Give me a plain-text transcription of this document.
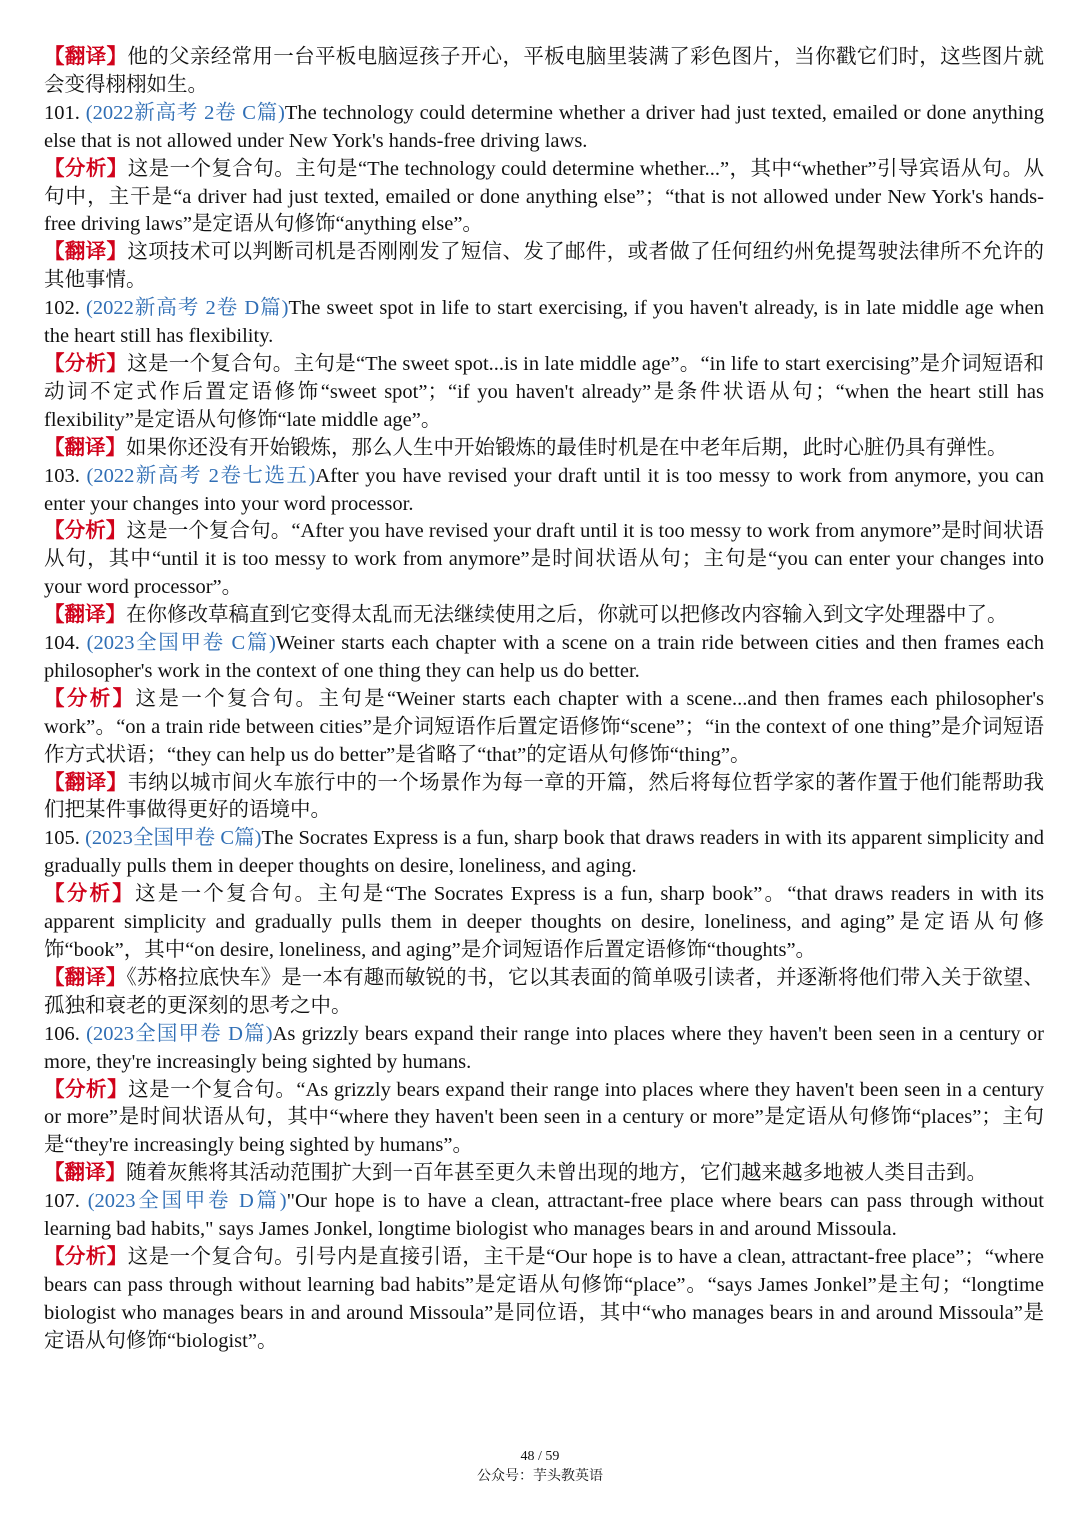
【翻译】他的父亲经常用一台平板电脑逗孩子开心，平板电脑里装满了彩色图片，当你戳它们时，这些图片就会变得栩栩如生。

101. (2022新高考 2卷 C篇)The technology could determine whether a driver had just texted, emailed or done anything else that is not allowed under New York's hands-free driving laws.

【分析】这是一个复合句。主句是“The technology could determine whether...”，其中“whether”引导宾语从句。从句中，主干是“a driver had just texted, emailed or done anything else”；“that is not allowed under New York's hands-free driving laws”是定语从句修饰“anything else”。

【翻译】这项技术可以判断司机是否刚刚发了短信、发了邮件，或者做了任何纽约州免提驾驶法律所不允许的其他事情。

102. (2022新高考 2卷 D篇)The sweet spot in life to start exercising, if you haven't already, is in late middle age when the heart still has flexibility.

【分析】这是一个复合句。主句是“The sweet spot...is in late middle age”。“in life to start exercising”是介词短语和动词不定式作后置定语修饰“sweet spot”；“if you haven't already”是条件状语从句；“when the heart still has flexibility”是定语从句修饰“late middle age”。

【翻译】如果你还没有开始锻炼，那么人生中开始锻炼的最佳时机是在中老年后期，此时心脏仍具有弹性。

103. (2022新高考 2卷七选五)After you have revised your draft until it is too messy to work from anymore, you can enter your changes into your word processor.

【分析】这是一个复合句。“After you have revised your draft until it is too messy to work from anymore”是时间状语从句，其中“until it is too messy to work from anymore”是时间状语从句；主句是“you can enter your changes into your word processor”。

【翻译】在你修改草稿直到它变得太乱而无法继续使用之后，你就可以把修改内容输入到文字处理器中了。

104. (2023全国甲卷 C篇)Weiner starts each chapter with a scene on a train ride between cities and then frames each philosopher's work in the context of one thing they can help us do better.

【分析】这是一个复合句。主句是“Weiner starts each chapter with a scene...and then frames each philosopher's work”。“on a train ride between cities”是介词短语作后置定语修饰“scene”；“in the context of one thing”是介词短语作方式状语；“they can help us do better”是省略了“that”的定语从句修饰“thing”。

【翻译】韦纳以城市间火车旅行中的一个场景作为每一章的开篇，然后将每位哲学家的著作置于他们能帮助我们把某件事做得更好的语境中。

105. (2023全国甲卷 C篇)The Socrates Express is a fun, sharp book that draws readers in with its apparent simplicity and gradually pulls them in deeper thoughts on desire, loneliness, and aging.

【分析】这是一个复合句。主句是“The Socrates Express is a fun, sharp book”。“that draws readers in with its apparent simplicity and gradually pulls them in deeper thoughts on desire, loneliness, and aging”是定语从句修饰“book”，其中“on desire, loneliness, and aging”是介词短语作后置定语修饰“thoughts”。

【翻译】《苏格拉底快车》是一本有趣而敏锐的书，它以其表面的简单吸引读者，并逐渐将他们带入关于欲望、孤独和衰老的更深刻的思考之中。

106. (2023全国甲卷 D篇)As grizzly bears expand their range into places where they haven't been seen in a century or more, they're increasingly being sighted by humans.

【分析】这是一个复合句。“As grizzly bears expand their range into places where they haven't been seen in a century or more”是时间状语从句，其中“where they haven't been seen in a century or more”是定语从句修饰“places”；主句是“they're increasingly being sighted by humans”。

【翻译】随着灰熊将其活动范围扩大到一百年甚至更久未曾出现的地方，它们越来越多地被人类目击到。

107. (2023全国甲卷 D篇)"Our hope is to have a clean, attractant-free place where bears can pass through without learning bad habits," says James Jonkel, longtime biologist who manages bears in and around Missoula.

【分析】这是一个复合句。引号内是直接引语，主干是“Our hope is to have a clean, attractant-free place”；“where bears can pass through without learning bad habits”是定语从句修饰“place”。“says James Jonkel”是主句；“longtime biologist who manages bears in and around Missoula”是同位语，其中“who manages bears in and around Missoula”是定语从句修饰“biologist”。

48 / 59
公众号：芋头教英语
